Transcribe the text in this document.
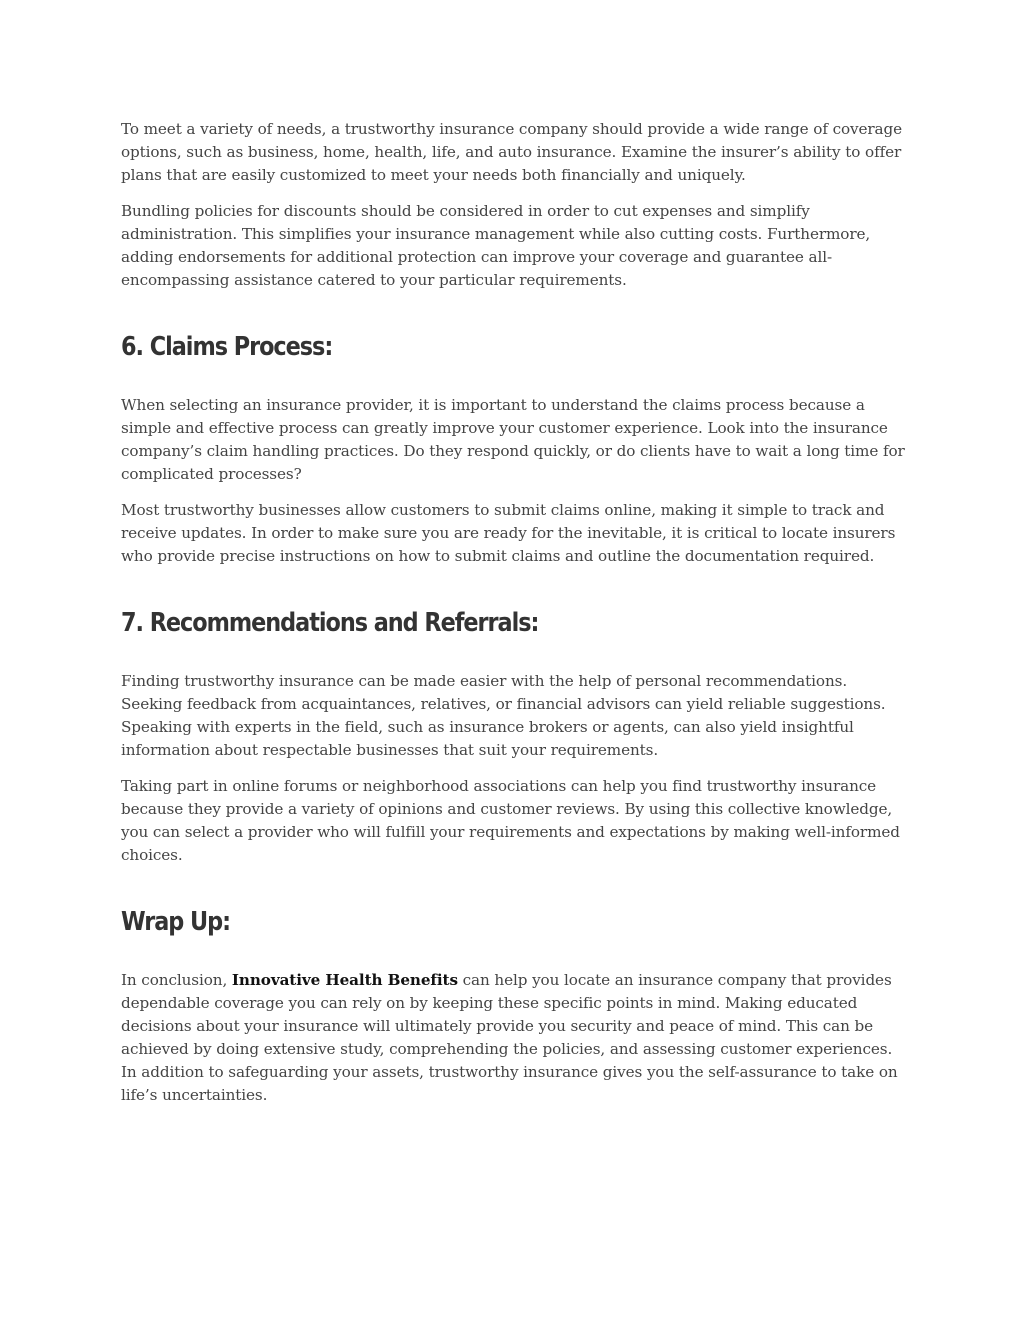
To meet a variety of needs, a trustworthy insurance company should provide a wide range of coverage options, such as business, home, health, life, and auto insurance. Examine the insurer’s ability to offer plans that are easily customized to meet your needs both financially and uniquely.

Bundling policies for discounts should be considered in order to cut expenses and simplify administration. This simplifies your insurance management while also cutting costs. Furthermore, adding endorsements for additional protection can improve your coverage and guarantee all-encompassing assistance catered to your particular requirements.

6. Claims Process:

When selecting an insurance provider, it is important to understand the claims process because a simple and effective process can greatly improve your customer experience. Look into the insurance company’s claim handling practices. Do they respond quickly, or do clients have to wait a long time for complicated processes?

Most trustworthy businesses allow customers to submit claims online, making it simple to track and receive updates. In order to make sure you are ready for the inevitable, it is critical to locate insurers who provide precise instructions on how to submit claims and outline the documentation required.

7. Recommendations and Referrals:

Finding trustworthy insurance can be made easier with the help of personal recommendations. Seeking feedback from acquaintances, relatives, or financial advisors can yield reliable suggestions. Speaking with experts in the field, such as insurance brokers or agents, can also yield insightful information about respectable businesses that suit your requirements.

Taking part in online forums or neighborhood associations can help you find trustworthy insurance because they provide a variety of opinions and customer reviews. By using this collective knowledge, you can select a provider who will fulfill your requirements and expectations by making well-informed choices.

Wrap Up:

In conclusion, Innovative Health Benefits can help you locate an insurance company that provides dependable coverage you can rely on by keeping these specific points in mind. Making educated decisions about your insurance will ultimately provide you security and peace of mind. This can be achieved by doing extensive study, comprehending the policies, and assessing customer experiences. In addition to safeguarding your assets, trustworthy insurance gives you the self-assurance to take on life’s uncertainties.
